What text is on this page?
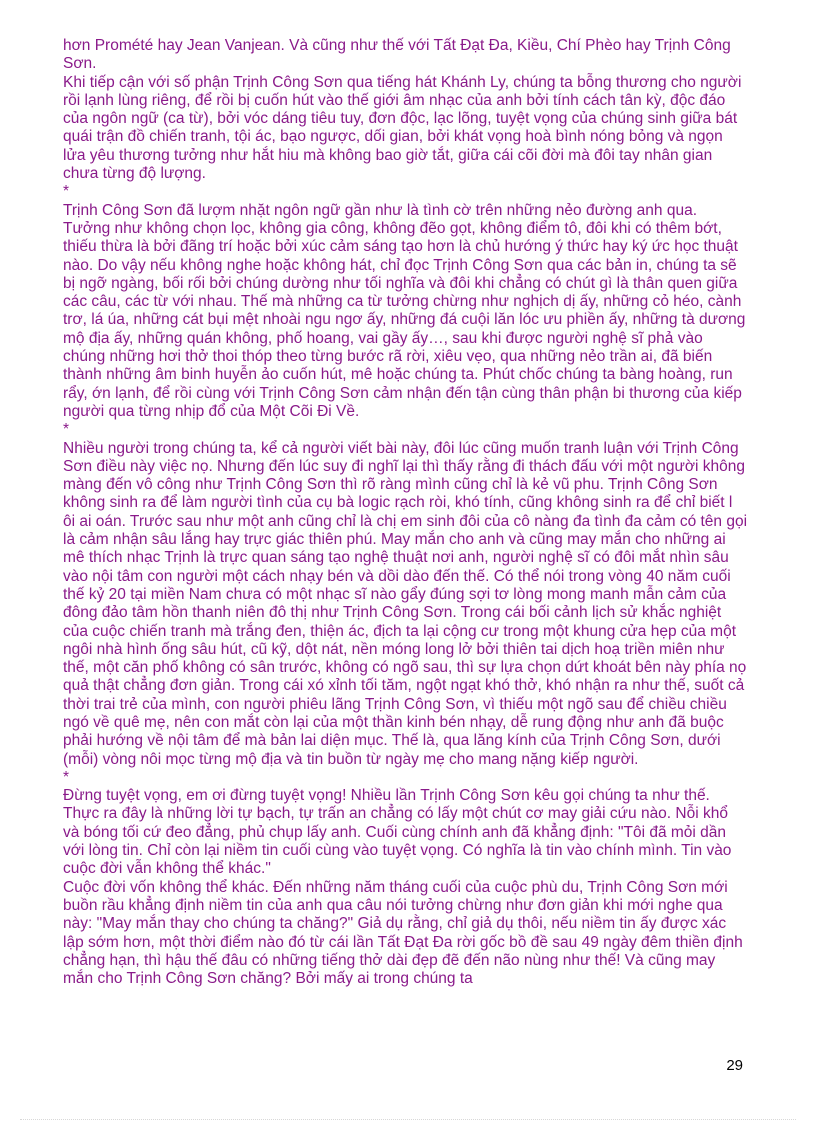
hơn Promété hay Jean Vanjean. Và cũng như thế với Tất Đạt Đa, Kiều, Chí Phèo hay Trịnh Công Sơn.

Khi tiếp cận với số phận Trịnh Công Sơn qua tiếng hát Khánh Ly, chúng ta bỗng thương cho người rồi lạnh lùng riêng, để rồi bị cuốn hút vào thế giới âm nhạc của anh bởi tính cách tân kỳ, độc đáo của ngôn ngữ (ca từ), bởi vóc dáng tiêu tuy, đơn độc, lạc lõng, tuyệt vọng của chúng sinh giữa bát quái trận đồ chiến tranh, tội ác, bạo ngược, dối gian, bởi khát vọng hoà bình nóng bỏng và ngọn lửa yêu thương tưởng như hắt hiu mà không bao giờ tắt, giữa cái cõi đời mà đôi tay nhân gian chưa từng độ lượng.

*

Trịnh Công Sơn đã lượm nhặt ngôn ngữ gần như là tình cờ trên những nẻo đường anh qua. Tưởng như không chọn lọc, không gia công, không đẽo gọt, không điểm tô, đôi khi có thêm bớt, thiếu thừa là bởi đãng trí hoặc bởi xúc cảm sáng tạo hơn là chủ hướng ý thức hay ký ức học thuật nào. Do vậy nếu không nghe hoặc không hát, chỉ đọc Trịnh Công Sơn qua các bản in, chúng ta sẽ bị ngỡ ngàng, bối rối bởi chúng dường như tối nghĩa và đôi khi chẳng có chút gì là thân quen giữa các câu, các từ với nhau. Thế mà những ca từ tưởng chừng như nghịch dị ấy, những cỏ héo, cành trơ, lá úa, những cát bụi mệt nhoài ngu ngơ ấy, những đá cuội lăn lóc ưu phiền ấy, những tà dương mộ địa ấy, những quán không, phố hoang, vai gầy ấy…, sau khi được người nghệ sĩ phả vào chúng những hơi thở thoi thóp theo từng bước rã rời, xiêu vẹo, qua những nẻo trần ai, đã biến thành những âm binh huyễn ảo cuốn hút, mê hoặc chúng ta. Phút chốc chúng ta bàng hoàng, run rẩy, ớn lạnh, để rồi cùng với Trịnh Công Sơn cảm nhận đến tận cùng thân phận bi thương của kiếp người qua từng nhịp đổ của Một Cõi Đi Về.

*

Nhiều người trong chúng ta, kể cả người viết bài này, đôi lúc cũng muốn tranh luận với Trịnh Công Sơn điều này việc nọ. Nhưng đến lúc suy đi nghĩ lại thì thấy rằng đi thách đấu với một người không màng đến vô công như Trịnh Công Sơn thì rõ ràng mình cũng chỉ là kẻ vũ phu. Trịnh Công Sơn không sinh ra để làm người tình của cụ bà logic rạch ròi, khó tính, cũng không sinh ra để chỉ biết l ôi ai oán. Trước sau như một anh cũng chỉ là chị em sinh đôi của cô nàng đa tình đa cảm có tên gọi là cảm nhận sâu lắng hay trực giác thiên phú. May mắn cho anh và cũng may mắn cho những ai mê thích nhạc Trịnh là trực quan sáng tạo nghệ thuật nơi anh, người nghệ sĩ có đôi mắt nhìn sâu vào nội tâm con người một cách nhạy bén và dồi dào đến thế. Có thể nói trong vòng 40 năm cuối thế kỷ 20 tại miền Nam chưa có một nhạc sĩ nào gẩy đúng sợi tơ lòng mong manh mẫn cảm của đông đảo tâm hồn thanh niên đô thị như Trịnh Công Sơn. Trong cái bối cảnh lịch sử khắc nghiệt của cuộc chiến tranh mà trắng đen, thiện ác, địch ta lại cộng cư trong một khung cửa hẹp của một ngôi nhà hình ống sâu hút, cũ kỹ, dột nát, nền móng long lở bởi thiên tai dịch hoạ triền miên như thế, một căn phố không có sân trước, không có ngõ sau, thì sự lựa chọn dứt khoát bên này phía nọ quả thật chẳng đơn giản. Trong cái xó xỉnh tối tăm, ngột ngạt khó thở, khó nhận ra như thế, suốt cả thời trai trẻ của mình, con người phiêu lãng Trịnh Công Sơn, vì thiếu một ngõ sau để chiều chiều ngó về quê mẹ, nên con mắt còn lại của một thần kinh bén nhạy, dễ rung động như anh đã buộc phải hướng về nội tâm để mà bản lai diện mục. Thế là, qua lăng kính của Trịnh Công Sơn, dưới (mỗi) vòng nôi mọc từng mộ địa và tin buồn từ ngày mẹ cho mang nặng kiếp người.

*

Đừng tuyệt vọng, em ơi đừng tuyệt vọng! Nhiều lần Trịnh Công Sơn kêu gọi chúng ta như thế. Thực ra đây là những lời tự bạch, tự trấn an chẳng có lấy một chút cơ may giải cứu nào. Nỗi khổ và bóng tối cứ đeo đẳng, phủ chụp lấy anh. Cuối cùng chính anh đã khẳng định: "Tôi đã mỏi dần với lòng tin. Chỉ còn lại niềm tin cuối cùng vào tuyệt vọng. Có nghĩa là tin vào chính mình. Tin vào cuộc đời vẫn không thể khác."

Cuộc đời vốn không thể khác. Đến những năm tháng cuối của cuộc phù du, Trịnh Công Sơn mới buồn rầu khẳng định niềm tin của anh qua câu nói tưởng chừng như đơn giản khi mới nghe qua này: "May mắn thay cho chúng ta chăng?" Giả dụ rằng, chỉ giả dụ thôi, nếu niềm tin ấy được xác lập sớm hơn, một thời điểm nào đó từ cái lần Tất Đạt Đa rời gốc bồ đề sau 49 ngày đêm thiền định chẳng hạn, thì hậu thế đâu có những tiếng thở dài đẹp đẽ đến não nùng như thế! Và cũng may mắn cho Trịnh Công Sơn chăng? Bởi mấy ai trong chúng ta

29
